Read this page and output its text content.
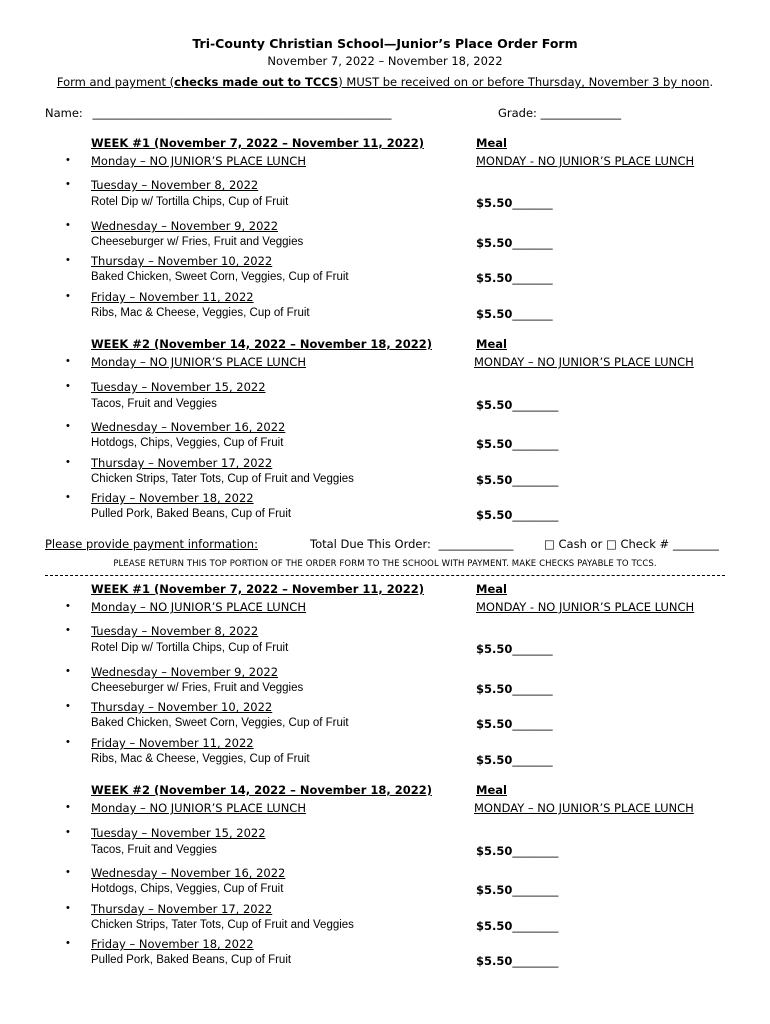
Tri-County Christian School—Junior’s Place Order Form
November 7, 2022 – November 18, 2022
Form and payment (checks made out to TCCS) MUST be received on or before Thursday, November 3 by noon.
Name: ____________________________________________________	Grade: ______________
WEEK #1 (November 7, 2022 – November 11, 2022)	Meal
• Monday – NO JUNIOR’S PLACE LUNCH	MONDAY - NO JUNIOR’S PLACE LUNCH
• Tuesday – November 8, 2022
Rotel Dip w/ Tortilla Chips, Cup of Fruit	$5.50_______
• Wednesday – November 9, 2022
Cheeseburger w/ Fries, Fruit and Veggies	$5.50_______
• Thursday – November 10, 2022
Baked Chicken, Sweet Corn, Veggies, Cup of Fruit	$5.50_______
• Friday – November 11, 2022
Ribs, Mac & Cheese, Veggies, Cup of Fruit	$5.50_______
WEEK #2 (November 14, 2022 – November 18, 2022)	Meal
• Monday – NO JUNIOR’S PLACE LUNCH	MONDAY – NO JUNIOR’S PLACE LUNCH
• Tuesday – November 15, 2022
Tacos, Fruit and Veggies	$5.50________
• Wednesday – November 16, 2022
Hotdogs, Chips, Veggies, Cup of Fruit	$5.50________
• Thursday – November 17, 2022
Chicken Strips, Tater Tots, Cup of Fruit and Veggies	$5.50________
• Friday – November 18, 2022
Pulled Pork, Baked Beans, Cup of Fruit	$5.50________
Please provide payment information:	Total Due This Order: _____________	□ Cash or □ Check # ________
PLEASE RETURN THIS TOP PORTION OF THE ORDER FORM TO THE SCHOOL WITH PAYMENT. MAKE CHECKS PAYABLE TO TCCS.
WEEK #1 (November 7, 2022 – November 11, 2022)	Meal
• Monday – NO JUNIOR’S PLACE LUNCH	MONDAY - NO JUNIOR’S PLACE LUNCH
• Tuesday – November 8, 2022
Rotel Dip w/ Tortilla Chips, Cup of Fruit	$5.50_______
• Wednesday – November 9, 2022
Cheeseburger w/ Fries, Fruit and Veggies	$5.50_______
• Thursday – November 10, 2022
Baked Chicken, Sweet Corn, Veggies, Cup of Fruit	$5.50_______
• Friday – November 11, 2022
Ribs, Mac & Cheese, Veggies, Cup of Fruit	$5.50_______
WEEK #2 (November 14, 2022 – November 18, 2022)	Meal
• Monday – NO JUNIOR’S PLACE LUNCH	MONDAY – NO JUNIOR’S PLACE LUNCH
• Tuesday – November 15, 2022
Tacos, Fruit and Veggies	$5.50________
• Wednesday – November 16, 2022
Hotdogs, Chips, Veggies, Cup of Fruit	$5.50________
• Thursday – November 17, 2022
Chicken Strips, Tater Tots, Cup of Fruit and Veggies	$5.50________
• Friday – November 18, 2022
Pulled Pork, Baked Beans, Cup of Fruit	$5.50________
